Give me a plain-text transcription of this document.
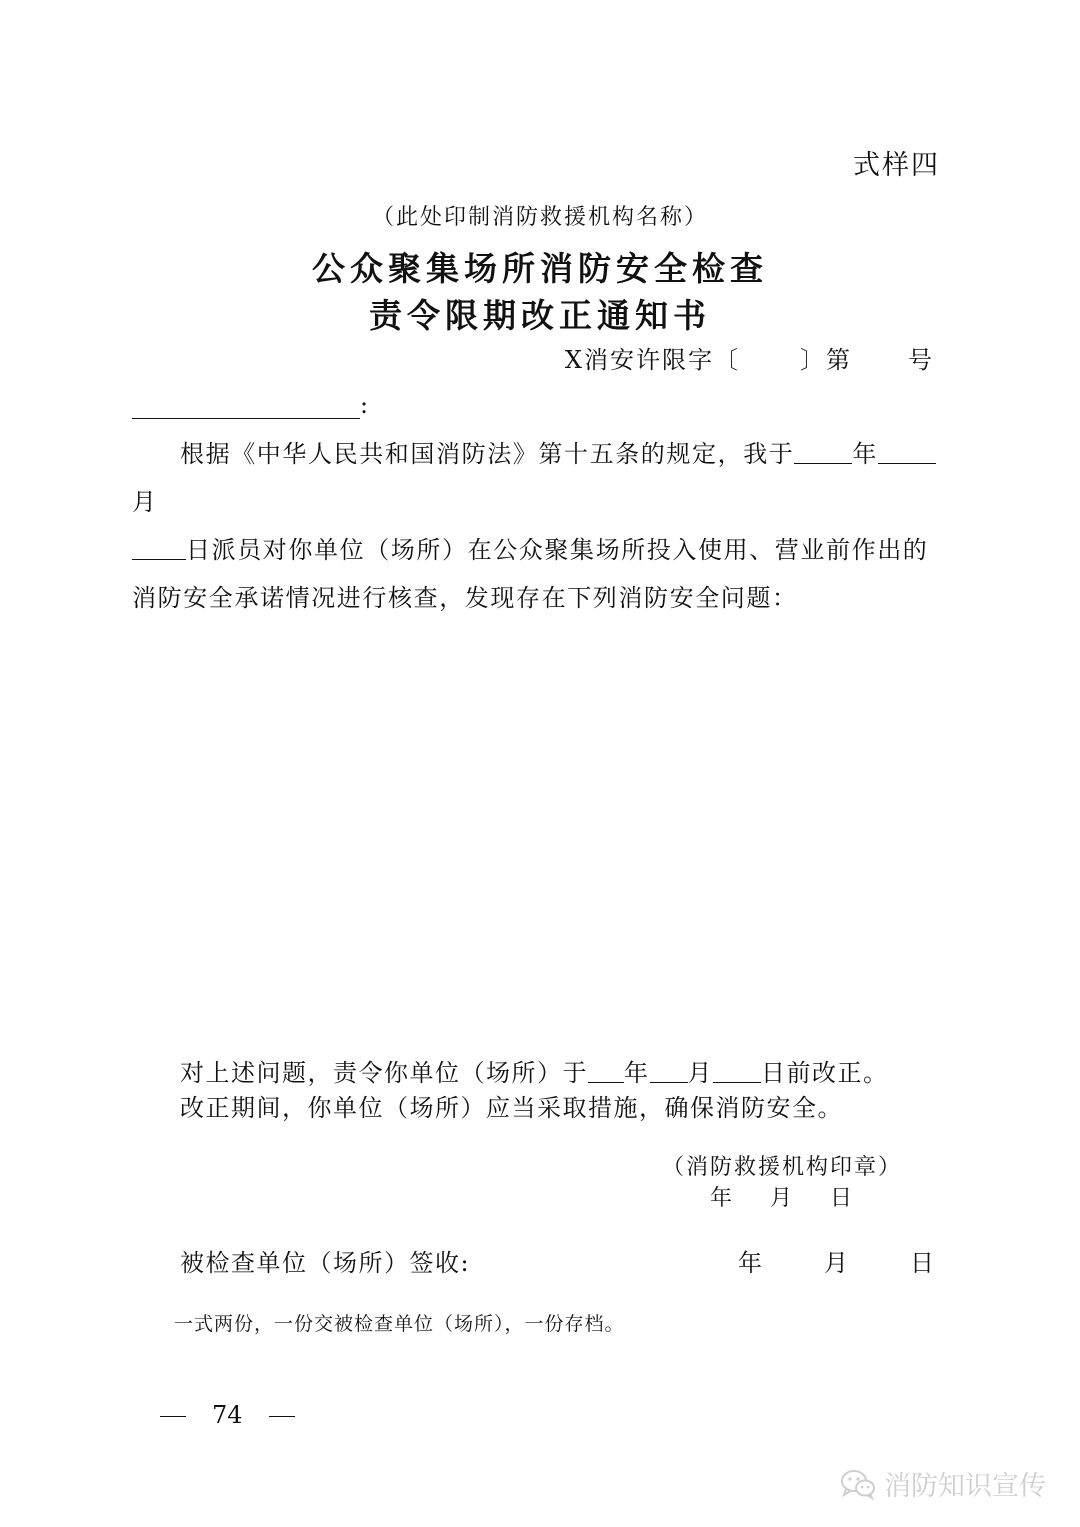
式样四
（此处印制消防救援机构名称）
公众聚集场所消防安全检查
责令限期改正通知书
X消安许限字〔	〕第 号
:
根据《中华人民共和国消防法》第十五条的规定，我于 年月
日派员对你单位（场所）在公众聚集场所投入使用、营业前作出的消防安全承诺情况进行核查，发现存在下列消防安全问题：
对上述问题，责令你单位（场所）于 年 月 日前改正。
改正期间，你单位（场所）应当采取措施，确保消防安全。
（消防救援机构印章）
年 月 日
被检查单位（场所）签收:	年	月	日
一式两份，一份交被检查单位（场所），一份存档。
74
消防知识宣传
